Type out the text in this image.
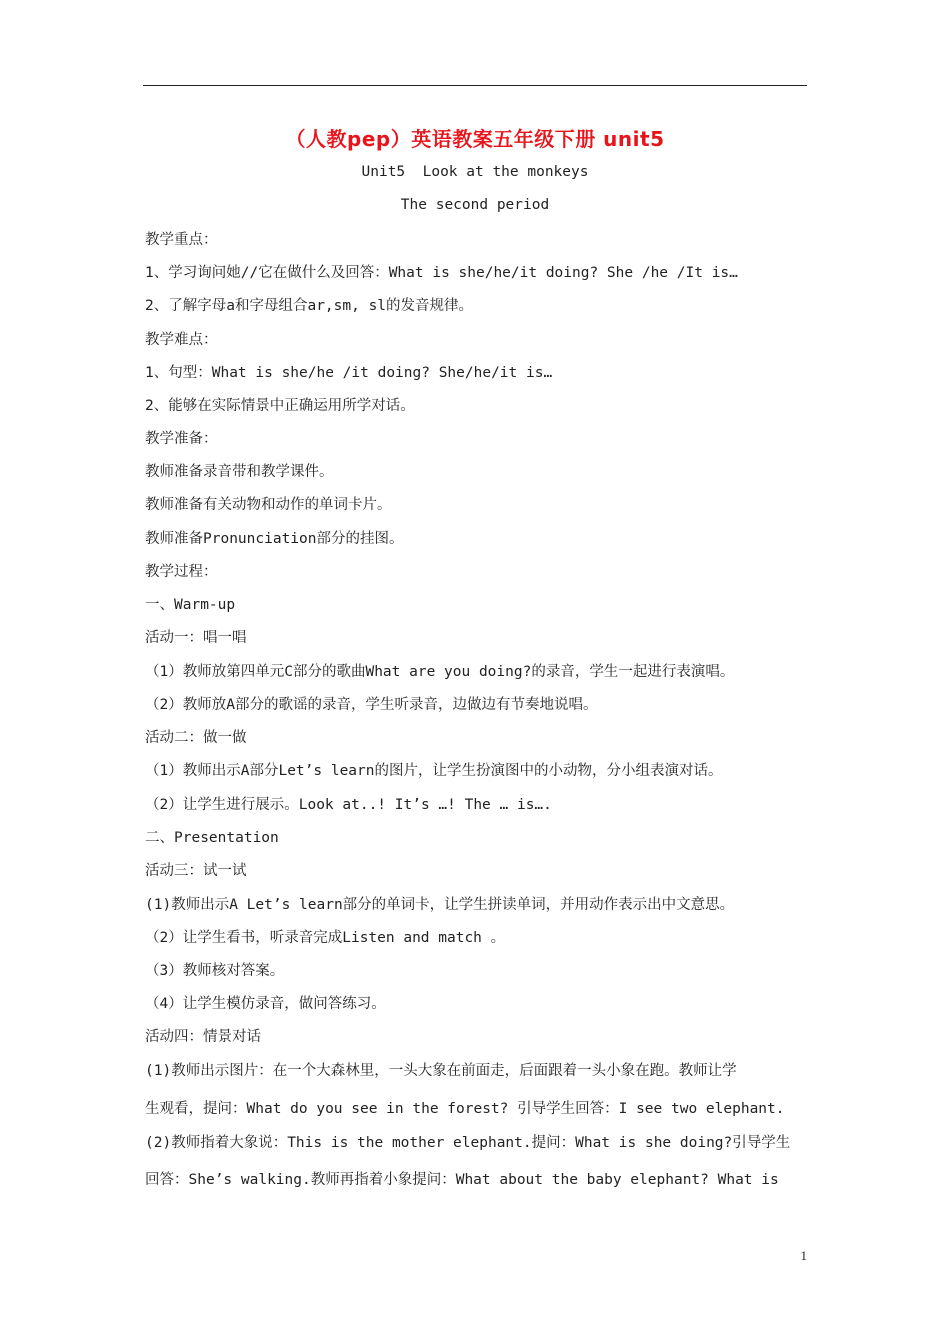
（人教pep）英语教案五年级下册 unit5
Unit5  Look at the monkeys
The second period
教学重点：
1、学习询问她//它在做什么及回答：What is she/he/it doing? She /he /It is…
2、了解字母a和字母组合ar,sm, sl的发音规律。
教学难点：
1、句型：What is she/he /it doing? She/he/it is…
2、能够在实际情景中正确运用所学对话。
教学准备：
教师准备录音带和教学课件。
教师准备有关动物和动作的单词卡片。
教师准备Pronunciation部分的挂图。
教学过程：
一、Warm-up
活动一：唱一唱
（1）教师放第四单元C部分的歌曲What are you doing?的录音，学生一起进行表演唱。
（2）教师放A部分的歌谣的录音，学生听录音，边做边有节奏地说唱。
活动二：做一做
（1）教师出示A部分Let’s learn的图片，让学生扮演图中的小动物，分小组表演对话。
（2）让学生进行展示。Look at..! It’s …! The … is….
二、Presentation
活动三：试一试
(1)教师出示A Let’s learn部分的单词卡，让学生拼读单词，并用动作表示出中文意思。
（2）让学生看书，听录音完成Listen and match 。
（3）教师核对答案。
（4）让学生模仿录音，做问答练习。
活动四：情景对话
(1)教师出示图片：在一个大森林里，一头大象在前面走，后面跟着一头小象在跑。教师让学
生观看，提问：What do you see in the forest? 引导学生回答：I see two elephant.
(2)教师指着大象说：This is the mother elephant.提问：What is she doing?引导学生
回答：She’s walking.教师再指着小象提问：What about the baby elephant? What is
1
